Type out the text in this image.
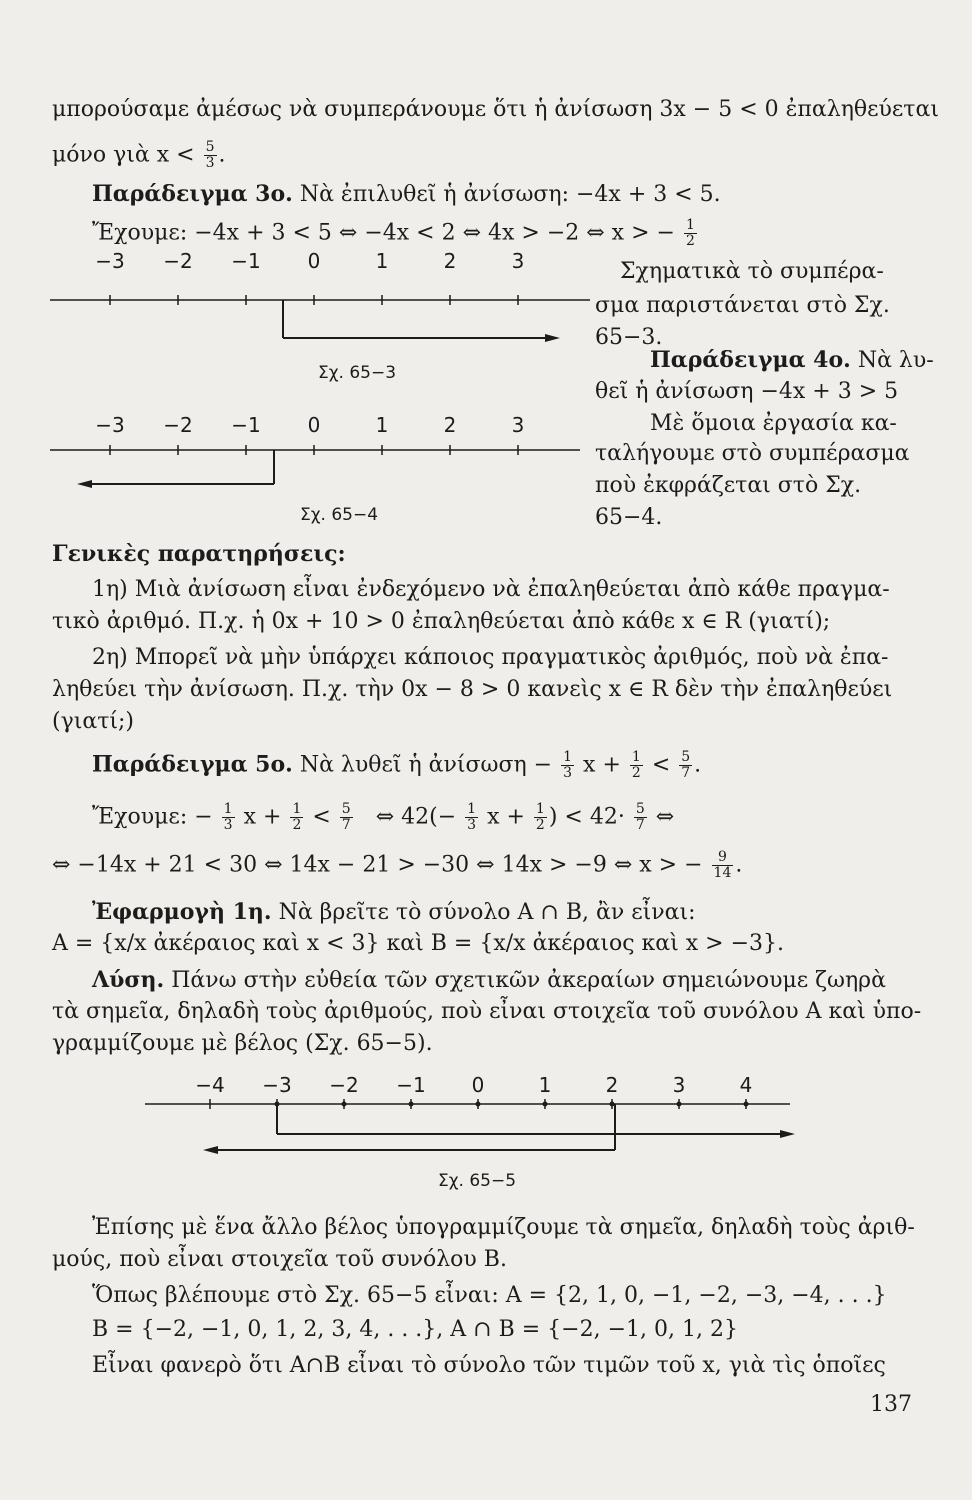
μπορούσαμε ἀμέσως νὰ συμπεράνουμε ὅτι ἡ ἀνίσωση 3x − 5 < 0 ἐπαληθεύεται
μόνο γιὰ $x < \frac{5}{3}$ .
Παράδειγμα 3ο. Νὰ ἐπιλυθεῖ ἡ ἀνίσωση: −4x + 3 < 5.
Ἔχουμε: −4x + 3 < 5 ⇔ −4x < 2 ⇔ 4x > −2 ⇔ x > − $\frac{1}{2}$
−3 −2 −1 0	1	2	3
Σχ. 65−3
Σχηματικὰ τὸ συμπέρα-
σμα παριστάνεται στὸ Σχ.
65−3.
Παράδειγμα 4ο. Νὰ λυ-
θεῖ ἡ ἀνίσωση −4x + 3 > 5
Μὲ ὅμοια ἐργασία κα-
ταλήγουμε στὸ συμπέρασμα
ποὺ ἐκφράζεται στὸ Σχ.
65−4.
−3 −2 −1 0	1	2	3
Σχ. 65−4
Γενικὲς παρατηρήσεις:
1η) Μιὰ ἀνίσωση εἶναι ἐνδεχόμενο νὰ ἐπαληθεύεται ἀπὸ κάθε πραγμα-
τικὸ ἀριθμό. Π.χ. ἡ 0x + 10 > 0 ἐπαληθεύεται ἀπὸ κάθε x ∈ R (γιατί);
2η) Μπορεῖ νὰ μὴν ὑπάρχει κάποιος πραγματικὸς ἀριθμός, ποὺ νὰ ἐπα-
ληθεύει τὴν ἀνίσωση. Π.χ. τὴν 0x − 8 > 0 κανεὶς x ∈ R δὲν τὴν ἐπαληθεύει
(γιατί;)
Παράδειγμα 5ο. Νὰ λυθεῖ ἡ ἀνίσωση − $\frac{1}{3}$ $x + \frac{1}{2} < \frac{5}{7}$ .
Ἔχουμε: − $\frac{1}{3}$ $x + \frac{1}{2} < \frac{5}{7}$ ⇔ $42(- \frac{1}{3}$ $x + \frac{1}{2}$ ) < $42\cdot \frac{5}{7}$ ⇔
⇔ −14x + 21 < 30 ⇔ 14x − 21 > −30 ⇔ 14x > −9 ⇔ x > − $\frac{9}{14}$ .
Ἐφαρμογὴ 1η. Νὰ βρεῖτε τὸ σύνολο A ∩ B, ἂν εἶναι:
A = {x/x ἀκέραιος καὶ x < 3} καὶ B = {x/x ἀκέραιος καὶ x > −3}.
Λύση. Πάνω στὴν εὐθεία τῶν σχετικῶν ἀκεραίων σημειώνουμε ζωηρὰ
τὰ σημεῖα, δηλαδὴ τοὺς ἀριθμούς, ποὺ εἶναι στοιχεῖα τοῦ συνόλου A καὶ ὑπο-
γραμμίζουμε μὲ βέλος (Σχ. 65−5).
−4 −3 −2 −1 0	1	2	3	4
Σχ. 65−5
Ἐπίσης μὲ ἕνα ἄλλο βέλος ὑπογραμμίζουμε τὰ σημεῖα, δηλαδὴ τοὺς ἀριθ-
μούς, ποὺ εἶναι στοιχεῖα τοῦ συνόλου B.
Ὅπως βλέπουμε στὸ Σχ. 65−5 εἶναι: A = {2, 1, 0, −1, −2, −3, −4, . . .}
B = {−2, −1, 0, 1, 2, 3, 4, . . .}, A ∩ B = {−2, −1, 0, 1, 2}
Εἶναι φανερὸ ὅτι A∩B εἶναι τὸ σύνολο τῶν τιμῶν τοῦ x, γιὰ τὶς ὁποῖες
137
